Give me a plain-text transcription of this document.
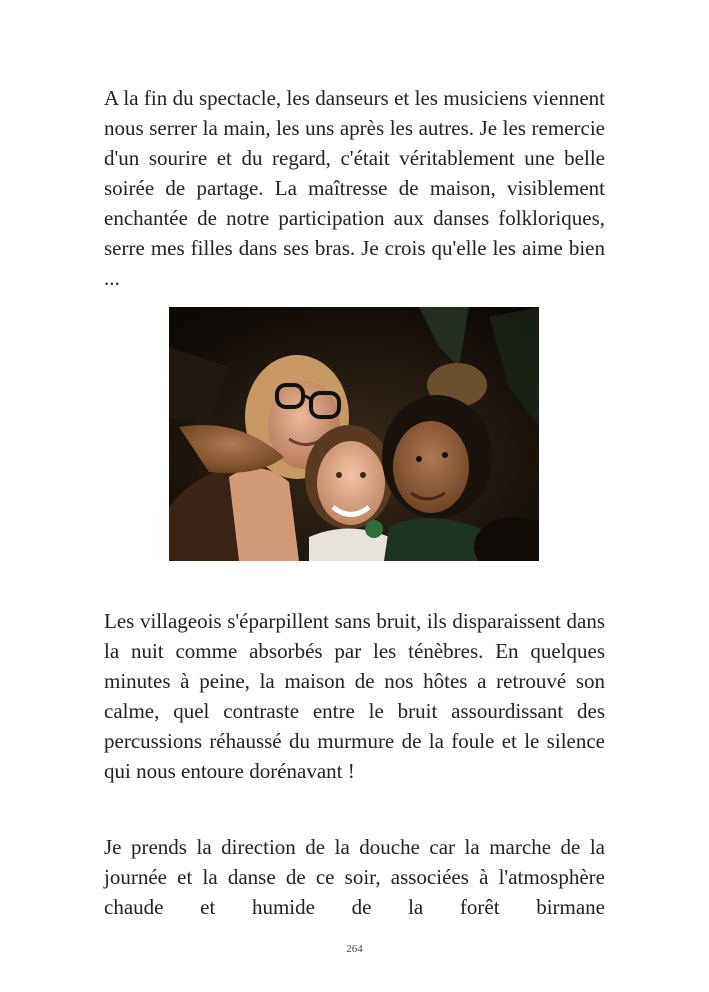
A la fin du spectacle, les danseurs et les musiciens viennent nous serrer la main, les uns après les autres. Je les remercie d'un sourire et du regard, c'était véritablement une belle soirée de partage. La maîtresse de maison, visiblement enchantée de notre participation aux danses folkloriques, serre mes filles dans ses bras. Je crois qu'elle les aime bien ...

Les villageois s'éparpillent sans bruit, ils disparaissent dans la nuit comme absorbés par les ténèbres. En quelques minutes à peine, la maison de nos hôtes a retrouvé son calme, quel contraste entre le bruit assourdissant des percussions réhaussé du murmure de la foule et le silence qui nous entoure dorénavant !

Je prends la direction de la douche car la marche de la journée et la danse de ce soir, associées à l'atmosphère chaude et humide de la forêt birmane

264
